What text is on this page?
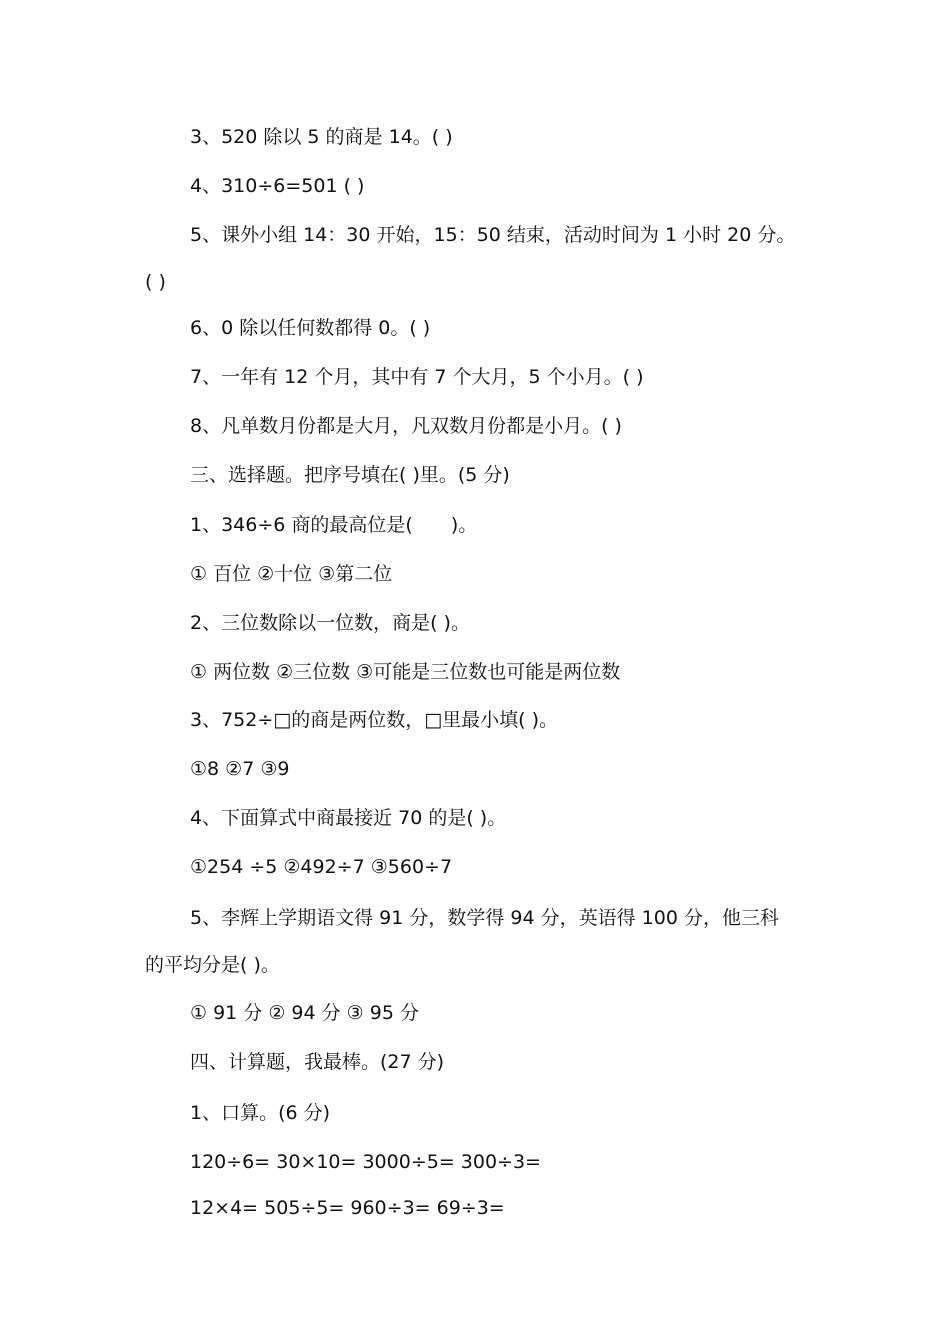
3、520 除以 5 的商是 14。( )
4、310÷6=501 ( )
5、课外小组 14：30 开始，15：50 结束，活动时间为 1 小时 20 分。
( )
6、0 除以任何数都得 0。( )
7、一年有 12 个月，其中有 7 个大月，5 个小月。( )
8、凡单数月份都是大月，凡双数月份都是小月。( )
三、选择题。把序号填在( )里。(5 分)
1、346÷6 商的最高位是(　　)。
① 百位 ②十位 ③第二位
2、三位数除以一位数，商是( )。
① 两位数 ②三位数 ③可能是三位数也可能是两位数
3、752÷□的商是两位数，□里最小填( )。
①8 ②7 ③9
4、下面算式中商最接近 70 的是( )。
①254 ÷5 ②492÷7 ③560÷7
5、李辉上学期语文得 91 分，数学得 94 分，英语得 100 分，他三科
的平均分是( )。
① 91 分 ② 94 分 ③ 95 分
四、计算题，我最棒。(27 分)
1、口算。(6 分)
120÷6= 30×10= 3000÷5= 300÷3=
12×4= 505÷5= 960÷3= 69÷3=
